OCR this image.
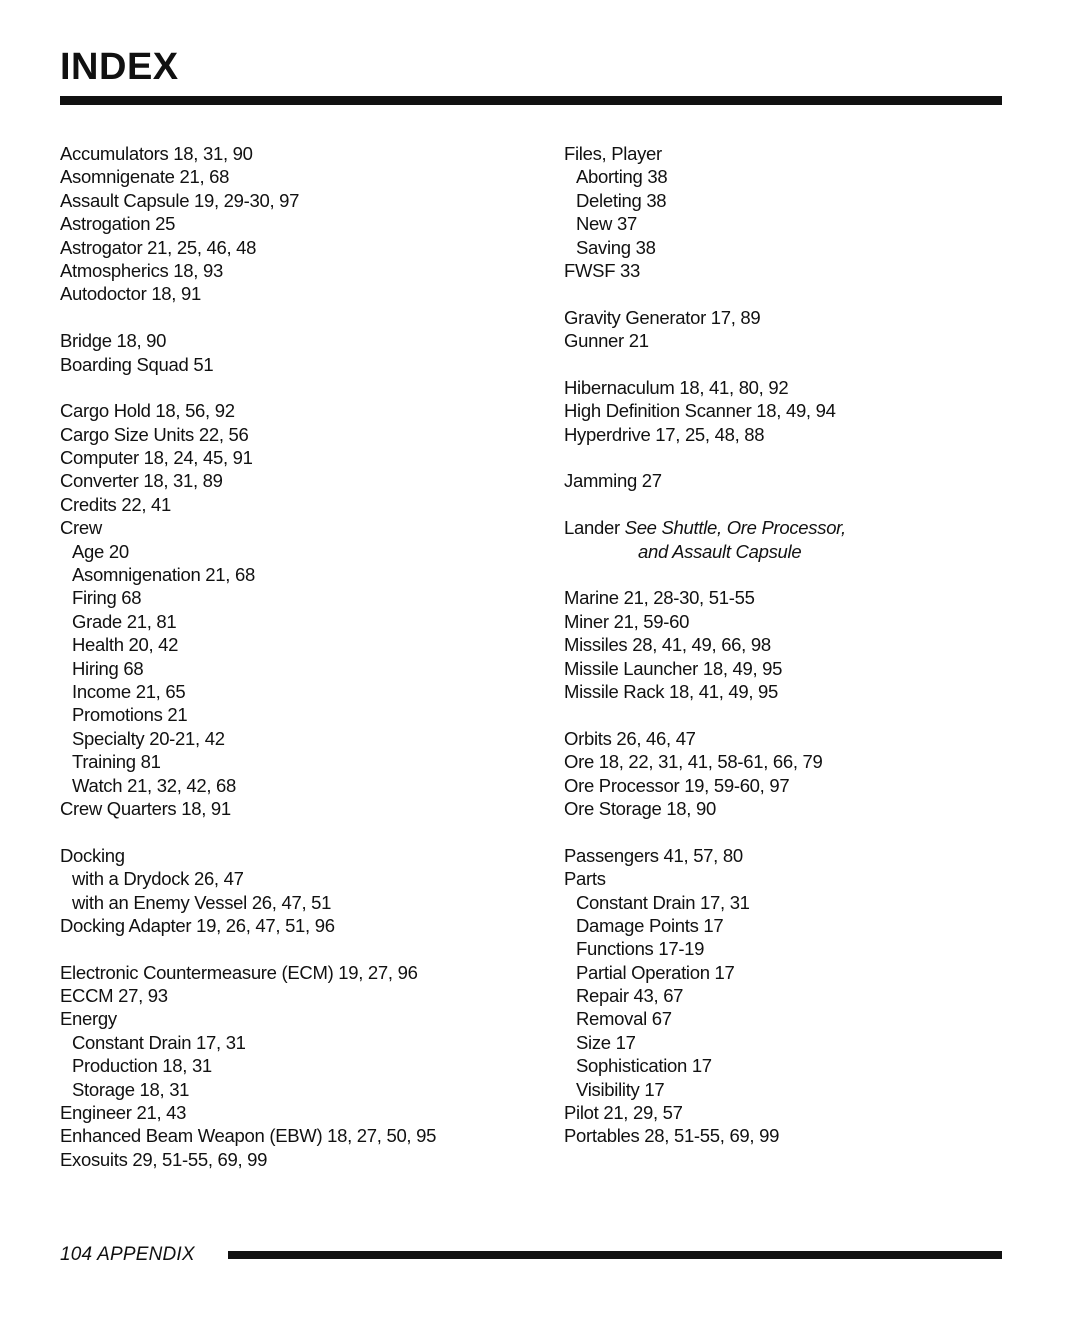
INDEX
Accumulators 18, 31, 90
Asomnigenate 21, 68
Assault Capsule 19, 29-30, 97
Astrogation 25
Astrogator 21, 25, 46, 48
Atmospherics 18, 93
Autodoctor 18, 91
Bridge 18, 90
Boarding Squad 51
Cargo Hold 18, 56, 92
Cargo Size Units 22, 56
Computer 18, 24, 45, 91
Converter 18, 31, 89
Credits 22, 41
Crew
Age 20
Asomnigenation 21, 68
Firing 68
Grade 21, 81
Health 20, 42
Hiring 68
Income 21, 65
Promotions 21
Specialty 20-21, 42
Training 81
Watch 21, 32, 42, 68
Crew Quarters 18, 91
Docking
with a Drydock 26, 47
with an Enemy Vessel 26, 47, 51
Docking Adapter 19, 26, 47, 51, 96
Electronic Countermeasure (ECM) 19, 27, 96
ECCM 27, 93
Energy
Constant Drain 17, 31
Production 18, 31
Storage 18, 31
Engineer 21, 43
Enhanced Beam Weapon (EBW) 18, 27, 50, 95
Exosuits 29, 51-55, 69, 99
Files, Player
Aborting 38
Deleting 38
New 37
Saving 38
FWSF 33
Gravity Generator 17, 89
Gunner 21
Hibernaculum 18, 41, 80, 92
High Definition Scanner 18, 49, 94
Hyperdrive 17, 25, 48, 88
Jamming 27
Lander See Shuttle, Ore Processor,
and Assault Capsule
Marine 21, 28-30, 51-55
Miner 21, 59-60
Missiles 28, 41, 49, 66, 98
Missile Launcher 18, 49, 95
Missile Rack 18, 41, 49, 95
Orbits 26, 46, 47
Ore 18, 22, 31, 41, 58-61, 66, 79
Ore Processor 19, 59-60, 97
Ore Storage 18, 90
Passengers 41, 57, 80
Parts
Constant Drain 17, 31
Damage Points 17
Functions 17-19
Partial Operation 17
Repair 43, 67
Removal 67
Size 17
Sophistication 17
Visibility 17
Pilot 21, 29, 57
Portables 28, 51-55, 69, 99
104 APPENDIX
